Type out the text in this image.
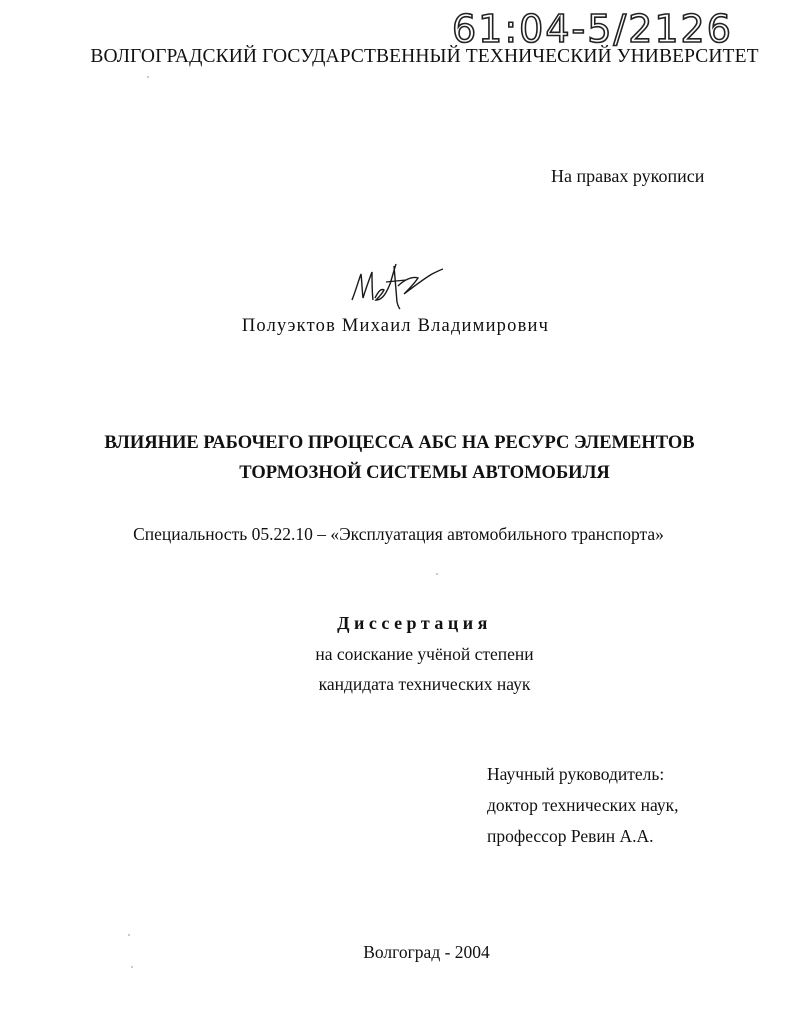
61:04-5/2126
ВОЛГОГРАДСКИЙ ГОСУДАРСТВЕННЫЙ ТЕХНИЧЕСКИЙ УНИВЕРСИТЕТ
На правах рукописи
Полуэктов Михаил Владимирович
ВЛИЯНИЕ РАБОЧЕГО ПРОЦЕССА АБС НА РЕСУРС ЭЛЕМЕНТОВ
ТОРМОЗНОЙ СИСТЕМЫ АВТОМОБИЛЯ
Специальность 05.22.10 – «Эксплуатация автомобильного транспорта»
Диссертация
на соискание учёной степени
кандидата технических наук
Научный руководитель:
доктор технических наук,
профессор Ревин А.А.
Волгоград - 2004
